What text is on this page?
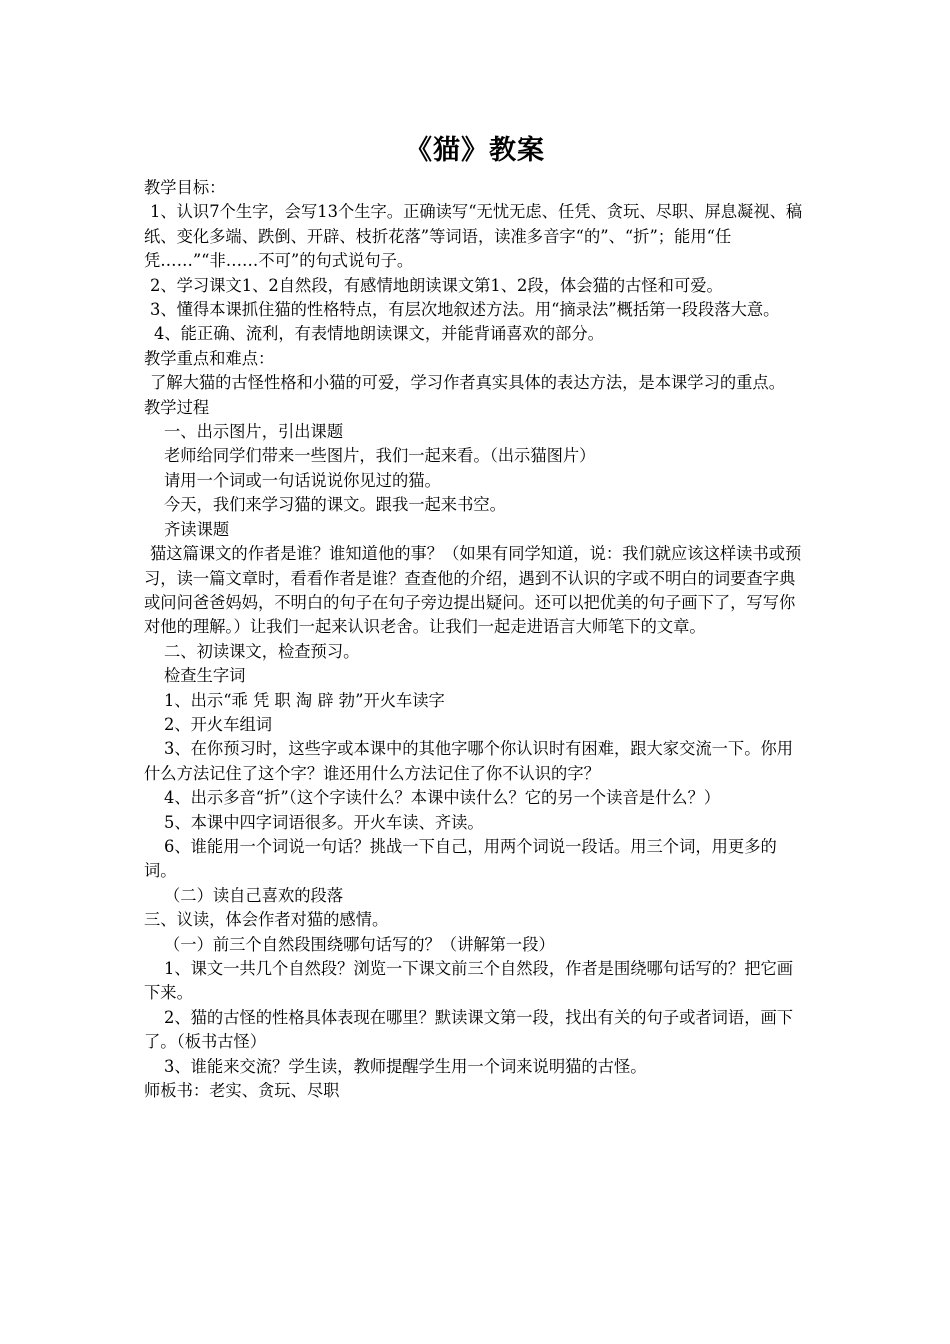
《猫》教案

教学目标：

1、认识7个生字，会写13个生字。正确读写“无忧无虑、任凭、贪玩、尽职、屏息凝视、稿纸、变化多端、跌倒、开辟、枝折花落”等词语，读准多音字“的”、“折”；能用“任凭……”“非……不可”的句式说句子。

2、学习课文1、2自然段，有感情地朗读课文第1、2段，体会猫的古怪和可爱。

3、懂得本课抓住猫的性格特点，有层次地叙述方法。用“摘录法”概括第一段段落大意。

4、能正确、流利，有表情地朗读课文，并能背诵喜欢的部分。

教学重点和难点：

了解大猫的古怪性格和小猫的可爱，学习作者真实具体的表达方法，是本课学习的重点。

教学过程

一、出示图片，引出课题

老师给同学们带来一些图片，我们一起来看。（出示猫图片）

请用一个词或一句话说说你见过的猫。

今天，我们来学习猫的课文。跟我一起来书空。

齐读课题

猫这篇课文的作者是谁？谁知道他的事？（如果有同学知道，说：我们就应该这样读书或预习，读一篇文章时，看看作者是谁？查查他的介绍，遇到不认识的字或不明白的词要查字典或问问爸爸妈妈，不明白的句子在句子旁边提出疑问。还可以把优美的句子画下了，写写你对他的理解。）让我们一起来认识老舍。让我们一起走进语言大师笔下的文章。

二、初读课文，检查预习。

检查生字词

1、出示“乖 凭 职 淘 辟 勃”开火车读字

2、开火车组词

3、在你预习时，这些字或本课中的其他字哪个你认识时有困难，跟大家交流一下。你用什么方法记住了这个字？谁还用什么方法记住了你不认识的字？

4、出示多音“折”（这个字读什么？本课中读什么？它的另一个读音是什么？）

5、本课中四字词语很多。开火车读、齐读。

6、谁能用一个词说一句话？挑战一下自己，用两个词说一段话。用三个词，用更多的词。

（二）读自己喜欢的段落

三、议读，体会作者对猫的感情。

（一）前三个自然段围绕哪句话写的？（讲解第一段）

1、课文一共几个自然段？浏览一下课文前三个自然段，作者是围绕哪句话写的？把它画下来。

2、猫的古怪的性格具体表现在哪里？默读课文第一段，找出有关的句子或者词语，画下了。（板书古怪）

3、谁能来交流？学生读，教师提醒学生用一个词来说明猫的古怪。

师板书：老实、贪玩、尽职
